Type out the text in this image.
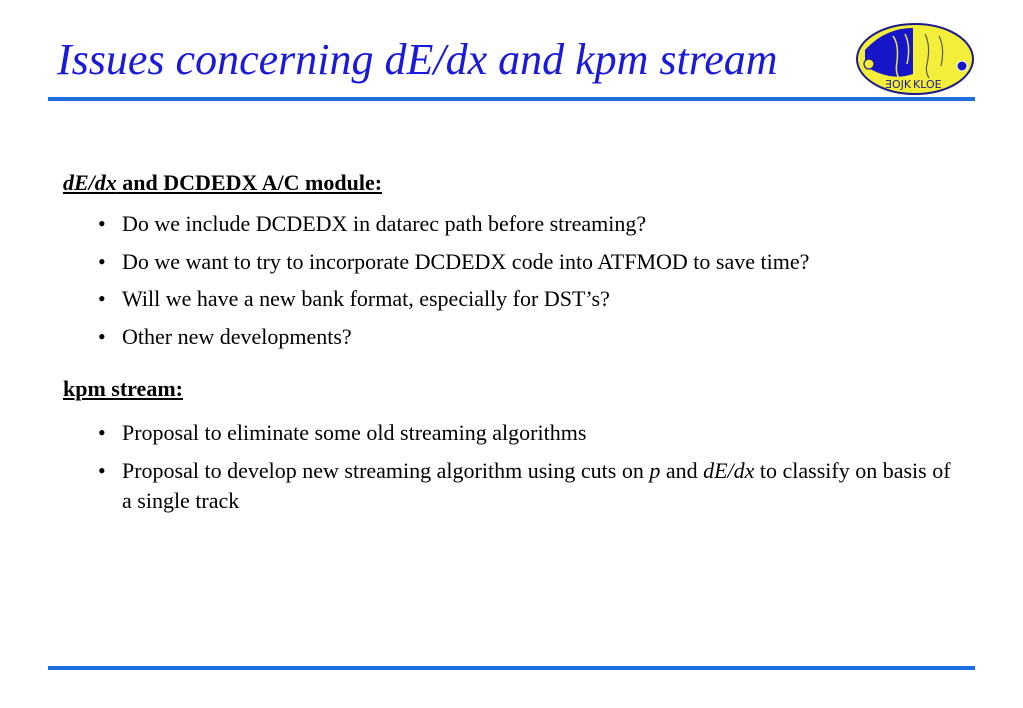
Issues concerning dE/dx and kpm stream
ƎOJK KLOE
dE/dx and DCDEDX A/C module:
• Do we include DCDEDX in datarec path before streaming?
• Do we want to try to incorporate DCDEDX code into ATFMOD to save time?
• Will we have a new bank format, especially for DST’s?
• Other new developments?
kpm stream:
• Proposal to eliminate some old streaming algorithms
• Proposal to develop new streaming algorithm using cuts on p and dE/dx to classify on basis of a single track
